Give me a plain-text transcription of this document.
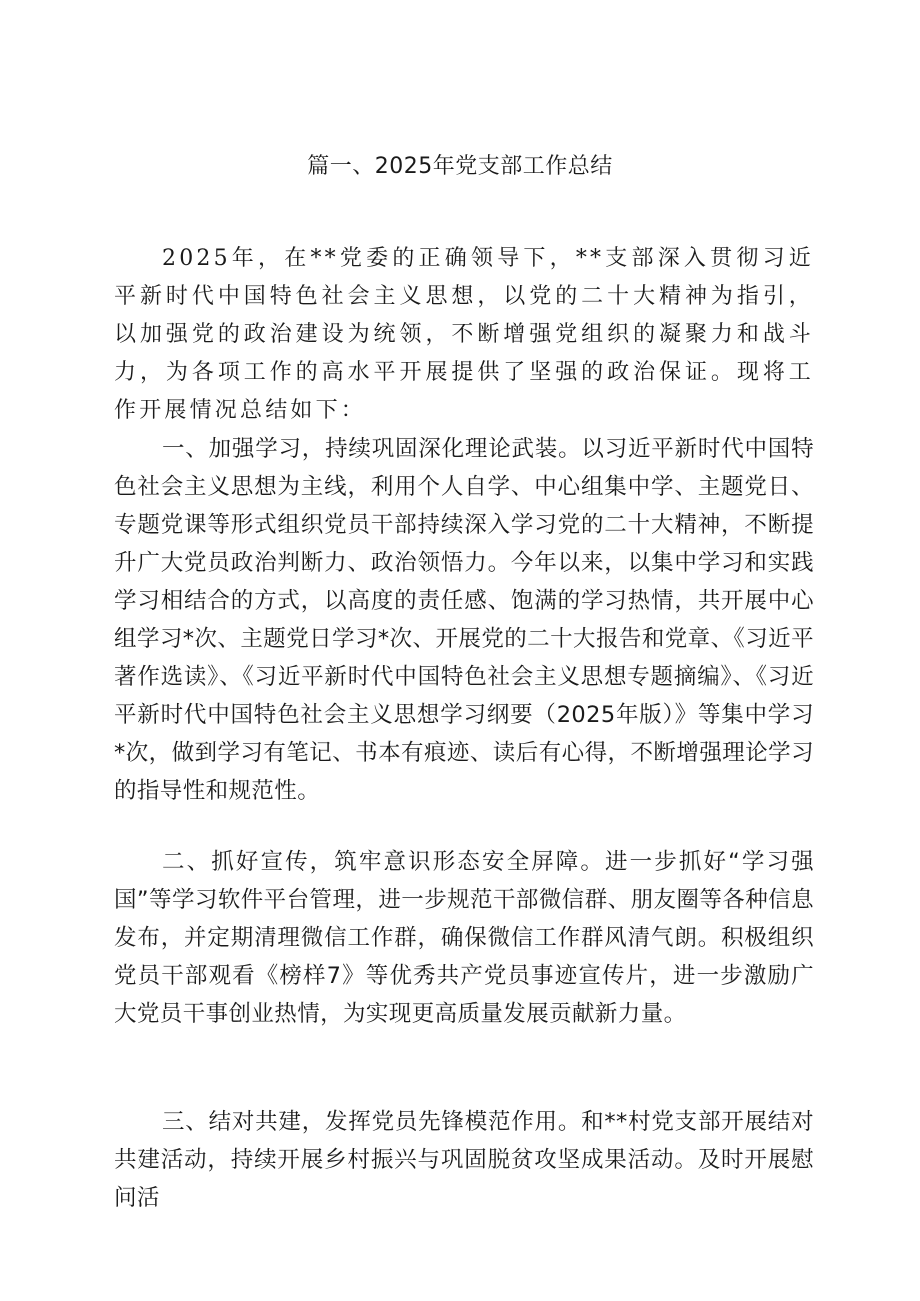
篇一、2025年党支部工作总结
2025年，在**党委的正确领导下，**支部深入贯彻习近平新时代中国特色社会主义思想，以党的二十大精神为指引，以加强党的政治建设为统领，不断增强党组织的凝聚力和战斗力，为各项工作的高水平开展提供了坚强的政治保证。现将工作开展情况总结如下：
一、加强学习，持续巩固深化理论武装。以习近平新时代中国特色社会主义思想为主线，利用个人自学、中心组集中学、主题党日、专题党课等形式组织党员干部持续深入学习党的二十大精神，不断提升广大党员政治判断力、政治领悟力。今年以来，以集中学习和实践学习相结合的方式，以高度的责任感、饱满的学习热情，共开展中心组学习*次、主题党日学习*次、开展党的二十大报告和党章、《习近平著作选读》、《习近平新时代中国特色社会主义思想专题摘编》、《习近平新时代中国特色社会主义思想学习纲要（2025年版）》等集中学习*次，做到学习有笔记、书本有痕迹、读后有心得，不断增强理论学习的指导性和规范性。
二、抓好宣传，筑牢意识形态安全屏障。进一步抓好“学习强国”等学习软件平台管理，进一步规范干部微信群、朋友圈等各种信息发布，并定期清理微信工作群，确保微信工作群风清气朗。积极组织党员干部观看《榜样7》等优秀共产党员事迹宣传片，进一步激励广大党员干事创业热情，为实现更高质量发展贡献新力量。
三、结对共建，发挥党员先锋模范作用。和**村党支部开展结对共建活动，持续开展乡村振兴与巩固脱贫攻坚成果活动。及时开展慰问活
